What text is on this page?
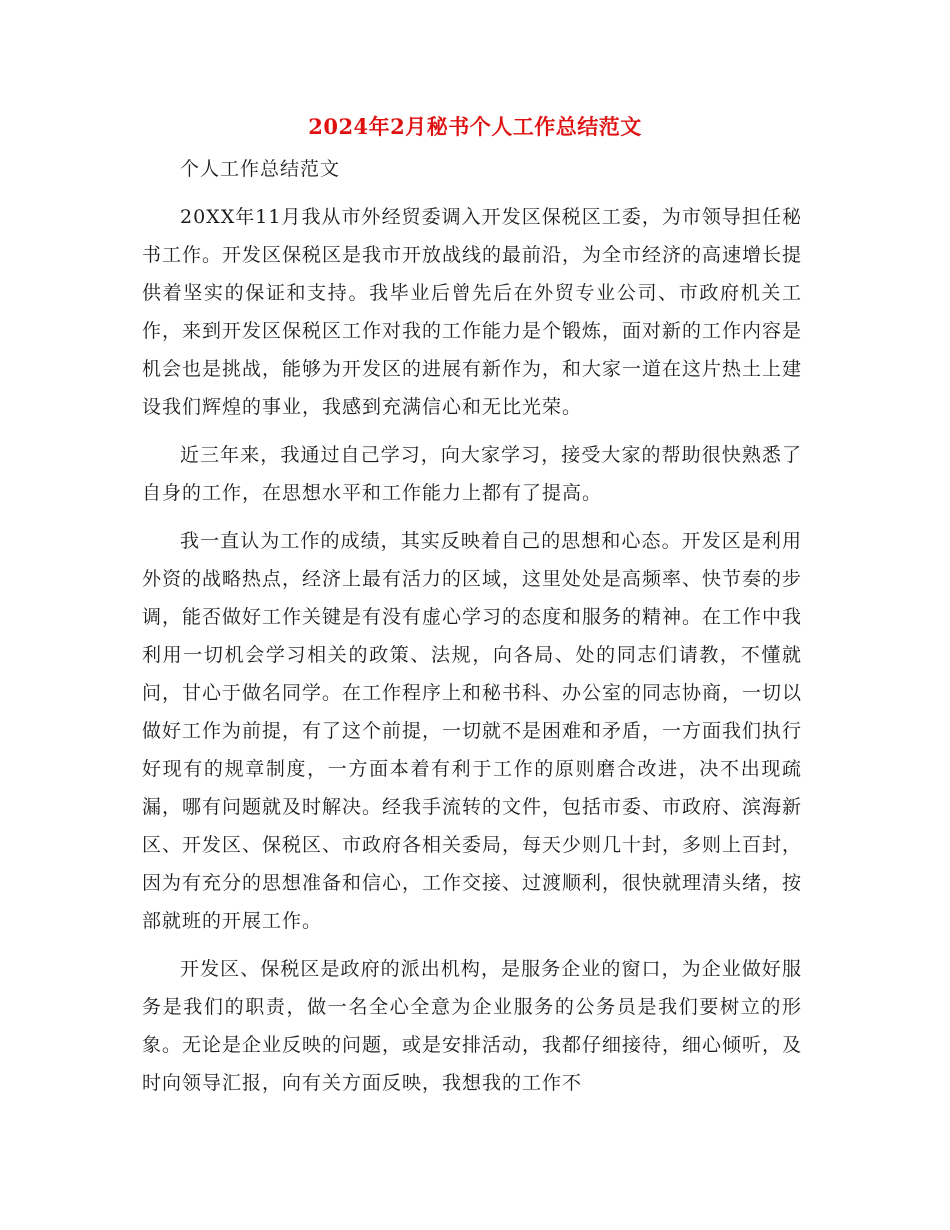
2024年2月秘书个人工作总结范文

个人工作总结范文

20XX年11月我从市外经贸委调入开发区保税区工委，为市领导担任秘书工作。开发区保税区是我市开放战线的最前沿，为全市经济的高速增长提供着坚实的保证和支持。我毕业后曾先后在外贸专业公司、市政府机关工作，来到开发区保税区工作对我的工作能力是个锻炼，面对新的工作内容是机会也是挑战，能够为开发区的进展有新作为，和大家一道在这片热土上建设我们辉煌的事业，我感到充满信心和无比光荣。

近三年来，我通过自己学习，向大家学习，接受大家的帮助很快熟悉了自身的工作，在思想水平和工作能力上都有了提高。

我一直认为工作的成绩，其实反映着自己的思想和心态。开发区是利用外资的战略热点，经济上最有活力的区域，这里处处是高频率、快节奏的步调，能否做好工作关键是有没有虚心学习的态度和服务的精神。在工作中我利用一切机会学习相关的政策、法规，向各局、处的同志们请教，不懂就问，甘心于做名同学。在工作程序上和秘书科、办公室的同志协商，一切以做好工作为前提，有了这个前提，一切就不是困难和矛盾，一方面我们执行好现有的规章制度，一方面本着有利于工作的原则磨合改进，决不出现疏漏，哪有问题就及时解决。经我手流转的文件，包括市委、市政府、滨海新区、开发区、保税区、市政府各相关委局，每天少则几十封，多则上百封，因为有充分的思想准备和信心，工作交接、过渡顺利，很快就理清头绪，按部就班的开展工作。

开发区、保税区是政府的派出机构，是服务企业的窗口，为企业做好服务是我们的职责，做一名全心全意为企业服务的公务员是我们要树立的形象。无论是企业反映的问题，或是安排活动，我都仔细接待，细心倾听，及时向领导汇报，向有关方面反映，我想我的工作不
